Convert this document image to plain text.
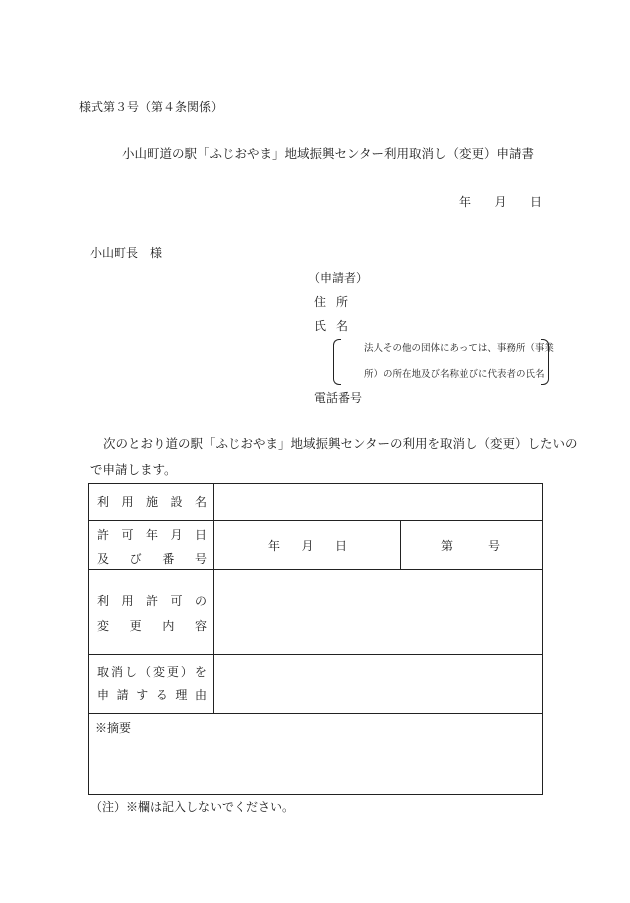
様式第３号（第４条関係）
小山町道の駅「ふじおやま」地域振興センター利用取消し（変更）申請書
年 月 日
小山町長　様
（申請者）
住 所
氏 名
法人その他の団体にあっては、事務所（事業
所）の所在地及び名称並びに代表者の氏名
電話番号
次のとおり道の駅「ふじおやま」地域振興センターの利用を取消し（変更）したいの
で申請します。
利 用 施 設 名
許 可 年 月 日
及 び 番 号
年 月 日	第	号
利 用 許 可 の
変 更 内 容
取 消 し （ 変 更 ） を
申 請 す る 理 由
※摘要
（注）※欄は記入しないでください。
